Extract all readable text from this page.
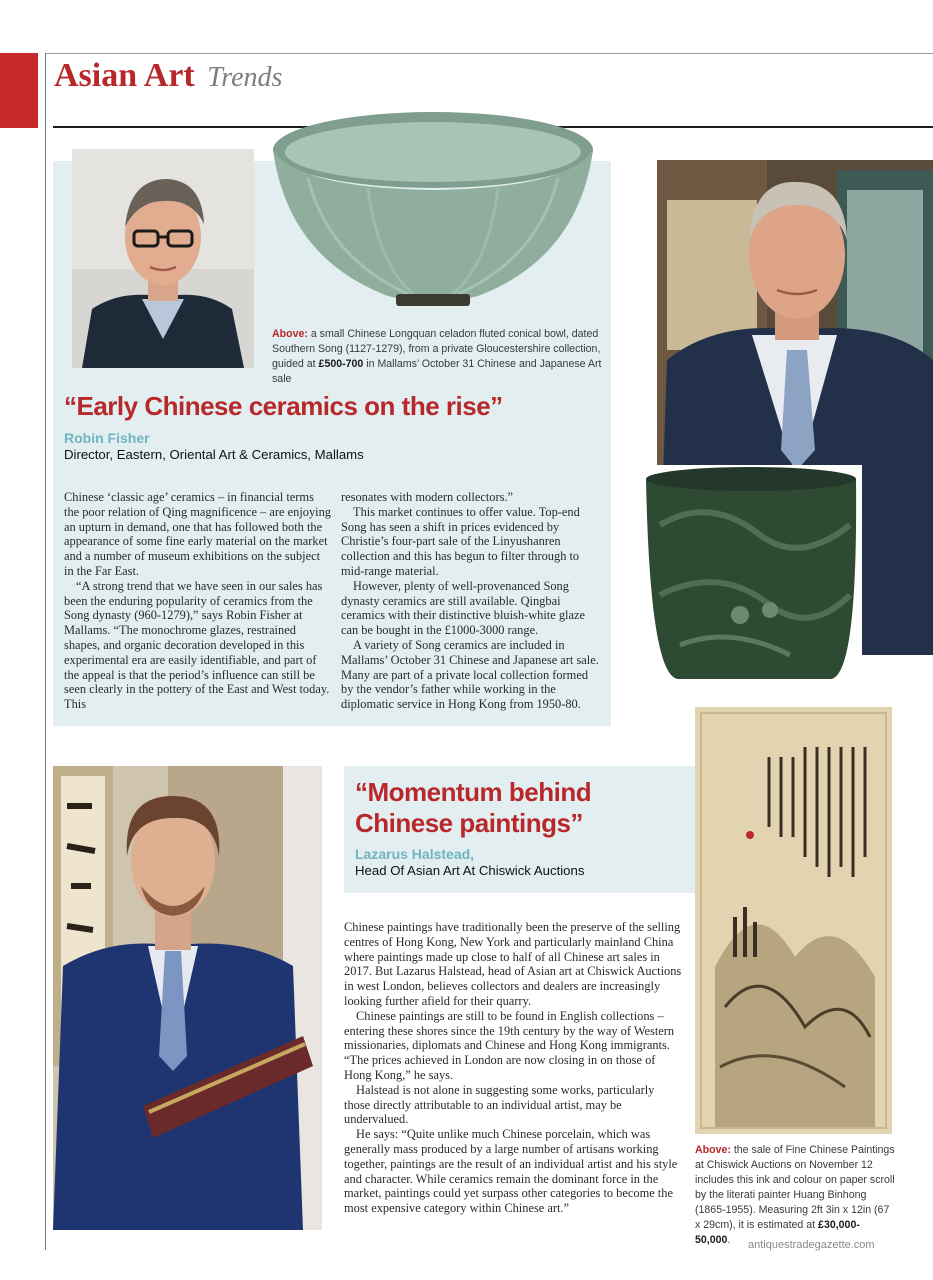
Asian Art Trends
Above: a small Chinese Longquan celadon fluted conical bowl, dated Southern Song (1127-1279), from a private Gloucestershire collection, guided at £500-700 in Mallams’ October 31 Chinese and Japanese Art sale
Above: the sale of Fine Chinese Paintings at Chiswick Auctions on November 12 includes this ink and colour on paper scroll by the literati painter Huang Binhong (1865-1955). Measuring 2ft 3in x 12in (67 x 29cm), it is estimated at £30,000-50,000.
“Early Chinese ceramics on the rise”
Robin Fisher
Director, Eastern, Oriental Art & Ceramics, Mallams

Chinese ‘classic age’ ceramics – in financial terms the poor relation of Qing magnificence – are enjoying an upturn in demand, one that has followed both the appearance of some fine early material on the market and a number of museum exhibitions on the subject in the Far East.

“A strong trend that we have seen in our sales has been the enduring popularity of ceramics from the Song dynasty (960-1279),” says Robin Fisher at Mallams. “The monochrome glazes, restrained shapes, and organic decoration developed in this experimental era are easily identifiable, and part of the appeal is that the period’s influence can still be seen clearly in the pottery of the East and West today. This

resonates with modern collectors.”

This market continues to offer value. Top-end Song has seen a shift in prices evidenced by Christie’s four-part sale of the Linyushanren collection and this has begun to filter through to mid-range material.

However, plenty of well-provenanced Song dynasty ceramics are still available. Qingbai ceramics with their distinctive bluish-white glaze can be bought in the £1000-3000 range.

A variety of Song ceramics are included in Mallams’ October 31 Chinese and Japanese art sale. Many are part of a private local collection formed by the vendor’s father while working in the diplomatic service in Hong Kong from 1950-80.

“Momentum behind Chinese paintings”
Lazarus Halstead,
Head Of Asian Art At Chiswick Auctions

Chinese paintings have traditionally been the preserve of the selling centres of Hong Kong, New York and particularly mainland China where paintings made up close to half of all Chinese art sales in 2017. But Lazarus Halstead, head of Asian art at Chiswick Auctions in west London, believes collectors and dealers are increasingly looking further afield for their quarry.

Chinese paintings are still to be found in English collections – entering these shores since the 19th century by the way of Western missionaries, diplomats and Chinese and Hong Kong immigrants. “The prices achieved in London are now closing in on those of Hong Kong,” he says.

Halstead is not alone in suggesting some works, particularly those directly attributable to an individual artist, may be undervalued.

He says: “Quite unlike much Chinese porcelain, which was generally mass produced by a large number of artisans working together, paintings are the result of an individual artist and his style and character. While ceramics remain the dominant force in the market, paintings could yet surpass other categories to become the most expensive category within Chinese art.”

antiquestradegazette.com
